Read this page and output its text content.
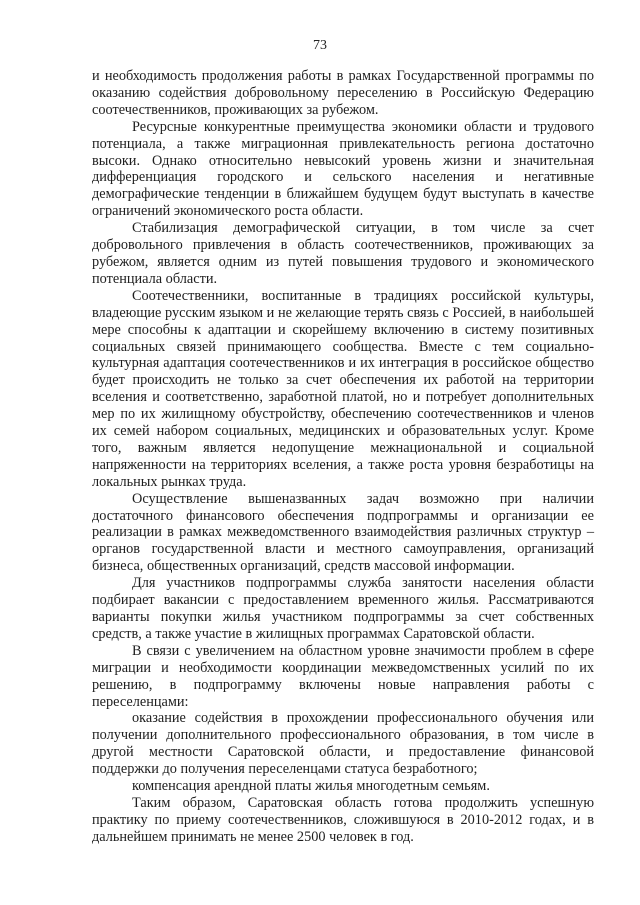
73

и необходимость продолжения работы в рамках Государственной программы по оказанию содействия добровольному переселению в Российскую Федерацию соотечественников, проживающих за рубежом.

Ресурсные конкурентные преимущества экономики области и трудового потенциала, а также миграционная привлекательность региона достаточно высоки. Однако относительно невысокий уровень жизни и значительная дифференциация городского и сельского населения и негативные демографические тенденции в ближайшем будущем будут выступать в качестве ограничений экономического роста области.

Стабилизация демографической ситуации, в том числе за счет добровольного привлечения в область соотечественников, проживающих за рубежом, является одним из путей повышения трудового и экономического потенциала области.

Соотечественники, воспитанные в традициях российской культуры, владеющие русским языком и не желающие терять связь с Россией, в наибольшей мере способны к адаптации и скорейшему включению в систему позитивных социальных связей принимающего сообщества. Вместе с тем социально-культурная адаптация соотечественников и их интеграция в российское общество будет происходить не только за счет обеспечения их работой на территории вселения и соответственно, заработной платой, но и потребует дополнительных мер по их жилищному обустройству, обеспечению соотечественников и членов их семей набором социальных, медицинских и образовательных услуг. Кроме того, важным является недопущение межнациональной и социальной напряженности на территориях вселения, а также роста уровня безработицы на локальных рынках труда.

Осуществление вышеназванных задач возможно при наличии достаточного финансового обеспечения подпрограммы и организации ее реализации в рамках межведомственного взаимодействия различных структур – органов государственной власти и местного самоуправления, организаций бизнеса, общественных организаций, средств массовой информации.

Для участников подпрограммы служба занятости населения области подбирает вакансии с предоставлением временного жилья. Рассматриваются варианты покупки жилья участником подпрограммы за счет собственных средств, а также участие в жилищных программах Саратовской области.

В связи с увеличением на областном уровне значимости проблем в сфере миграции и необходимости координации межведомственных усилий по их решению, в подпрограмму включены новые направления работы с переселенцами:

оказание содействия в прохождении профессионального обучения или получении дополнительного профессионального образования, в том числе в другой местности Саратовской области, и предоставление финансовой поддержки до получения переселенцами статуса безработного;

компенсация арендной платы жилья многодетным семьям.

Таким образом, Саратовская область готова продолжить успешную практику по приему соотечественников, сложившуюся в 2010-2012 годах, и в дальнейшем принимать не менее 2500 человек в год.
